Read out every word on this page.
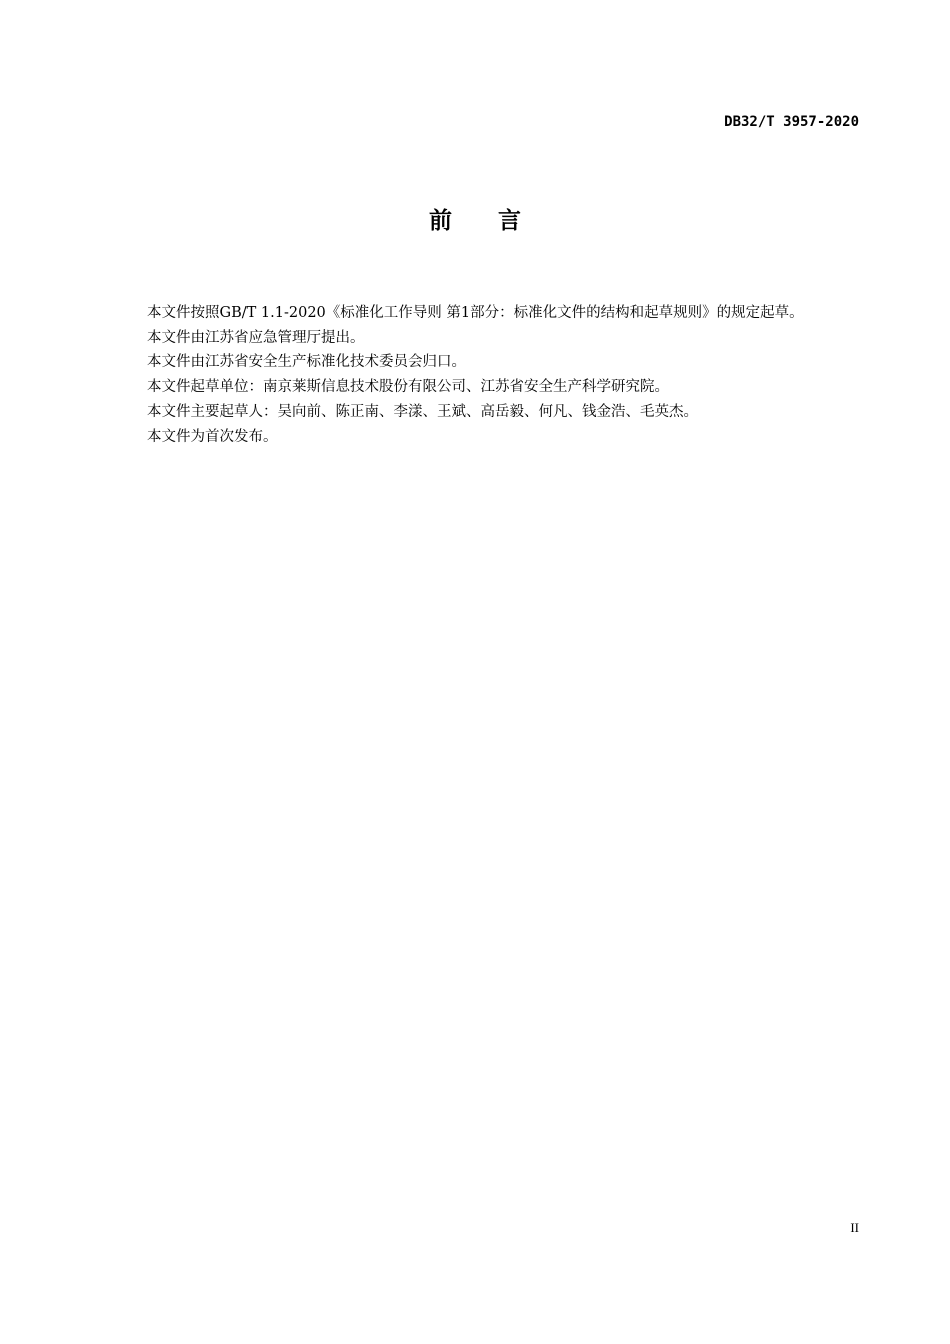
DB32/T 3957-2020
前 言

本文件按照GB/T 1.1-2020《标准化工作导则 第1部分：标准化文件的结构和起草规则》的规定起草。

本文件由江苏省应急管理厅提出。

本文件由江苏省安全生产标准化技术委员会归口。

本文件起草单位：南京莱斯信息技术股份有限公司、江苏省安全生产科学研究院。

本文件主要起草人：吴向前、陈正南、李漾、王斌、高岳毅、何凡、钱金浩、毛英杰。

本文件为首次发布。

II
